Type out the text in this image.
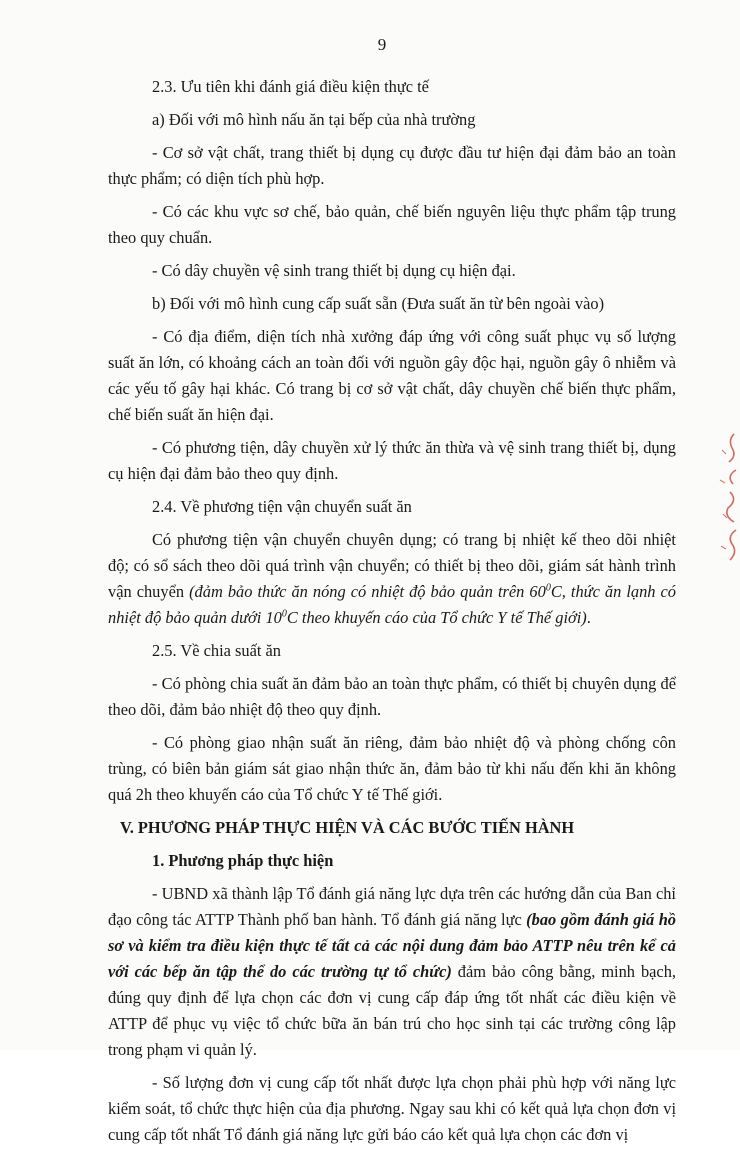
9

2.3. Ưu tiên khi đánh giá điều kiện thực tế

a) Đối với mô hình nấu ăn tại bếp của nhà trường

- Cơ sở vật chất, trang thiết bị dụng cụ được đầu tư hiện đại đảm bảo an toàn thực phẩm; có diện tích phù hợp.

- Có các khu vực sơ chế, bảo quản, chế biến nguyên liệu thực phẩm tập trung theo quy chuẩn.

- Có dây chuyền vệ sinh trang thiết bị dụng cụ hiện đại.

b) Đối với mô hình cung cấp suất sẵn (Đưa suất ăn từ bên ngoài vào)

- Có địa điểm, diện tích nhà xưởng đáp ứng với công suất phục vụ số lượng suất ăn lớn, có khoảng cách an toàn đối với nguồn gây độc hại, nguồn gây ô nhiễm và các yếu tố gây hại khác. Có trang bị cơ sở vật chất, dây chuyền chế biến thực phẩm, chế biến suất ăn hiện đại.

- Có phương tiện, dây chuyền xử lý thức ăn thừa và vệ sinh trang thiết bị, dụng cụ hiện đại đảm bảo theo quy định.

2.4. Về phương tiện vận chuyển suất ăn

Có phương tiện vận chuyển chuyên dụng; có trang bị nhiệt kế theo dõi nhiệt độ; có sổ sách theo dõi quá trình vận chuyển; có thiết bị theo dõi, giám sát hành trình vận chuyển (đảm bảo thức ăn nóng có nhiệt độ bảo quản trên $60^0C$, thức ăn lạnh có nhiệt độ bảo quản dưới $10^0C$ theo khuyến cáo của Tổ chức Y tế Thế giới).

2.5. Về chia suất ăn

- Có phòng chia suất ăn đảm bảo an toàn thực phẩm, có thiết bị chuyên dụng để theo dõi, đảm bảo nhiệt độ theo quy định.

- Có phòng giao nhận suất ăn riêng, đảm bảo nhiệt độ và phòng chống côn trùng, có biên bản giám sát giao nhận thức ăn, đảm bảo từ khi nấu đến khi ăn không quá 2h theo khuyến cáo của Tổ chức Y tế Thế giới.

V. PHƯƠNG PHÁP THỰC HIỆN VÀ CÁC BƯỚC TIẾN HÀNH

1. Phương pháp thực hiện

- UBND xã thành lập Tổ đánh giá năng lực dựa trên các hướng dẫn của Ban chỉ đạo công tác ATTP Thành phố ban hành. Tổ đánh giá năng lực (bao gồm đánh giá hồ sơ và kiểm tra điều kiện thực tế tất cả các nội dung đảm bảo ATTP nêu trên kể cả với các bếp ăn tập thể do các trường tự tổ chức) đảm bảo công bằng, minh bạch, đúng quy định để lựa chọn các đơn vị cung cấp đáp ứng tốt nhất các điều kiện về ATTP để phục vụ việc tổ chức bữa ăn bán trú cho học sinh tại các trường công lập trong phạm vi quản lý.

- Số lượng đơn vị cung cấp tốt nhất được lựa chọn phải phù hợp với năng lực kiểm soát, tổ chức thực hiện của địa phương. Ngay sau khi có kết quả lựa chọn đơn vị cung cấp tốt nhất Tổ đánh giá năng lực gửi báo cáo kết quả lựa chọn các đơn vị
